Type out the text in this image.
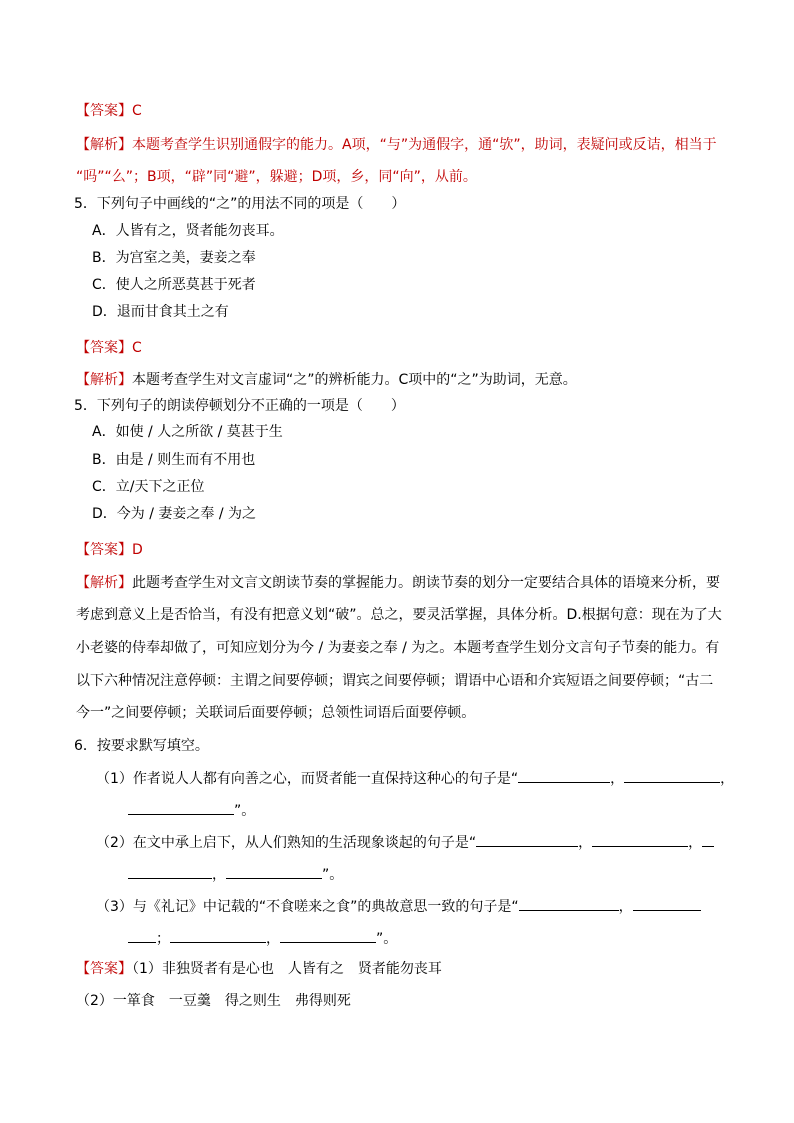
【答案】C
【解析】本题考查学生识别通假字的能力。A项，“与”为通假字，通“欤”，助词，表疑问或反诘，相当于
“吗”“么”；B项，“辟”同“避”，躲避；D项，乡，同“向”，从前。
5．下列句子中画线的“之”的用法不同的项是（　　）
A．人皆有之，贤者能勿丧耳。
B．为宫室之美，妻妾之奉
C．使人之所恶莫甚于死者
D．退而甘食其土之有
【答案】C
【解析】本题考查学生对文言虚词“之”的辨析能力。C项中的“之”为助词，无意。
5．下列句子的朗读停顿划分不正确的一项是（　　）
A．如使 / 人之所欲 / 莫甚于生
B．由是 / 则生而有不用也
C．立/天下之正位
D．今为 / 妻妾之奉 / 为之
【答案】D
【解析】此题考查学生对文言文朗读节奏的掌握能力。朗读节奏的划分一定要结合具体的语境来分析，要
考虑到意义上是否恰当，有没有把意义划“破”。总之，要灵活掌握，具体分析。D.根据句意：现在为了大
小老婆的侍奉却做了，可知应划分为今 / 为妻妾之奉 / 为之。本题考查学生划分文言句子节奏的能力。有
以下六种情况注意停顿：主谓之间要停顿；谓宾之间要停顿；谓语中心语和介宾短语之间要停顿；“古二
今一”之间要停顿；关联词后面要停顿；总领性词语后面要停顿。
6．按要求默写填空。
（1）作者说人人都有向善之心，而贤者能一直保持这种心的句子是“	，	，
”。
（2）在文中承上启下，从人们熟知的生活现象谈起的句子是“	，	，
，	”。
（3）与《礼记》中记载的“不食嗟来之食”的典故意思一致的句子是“	，
；	，	”。
【答案】（1）非独贤者有是心也　人皆有之　贤者能勿丧耳
（2）一箪食　一豆羹　得之则生　弗得则死
